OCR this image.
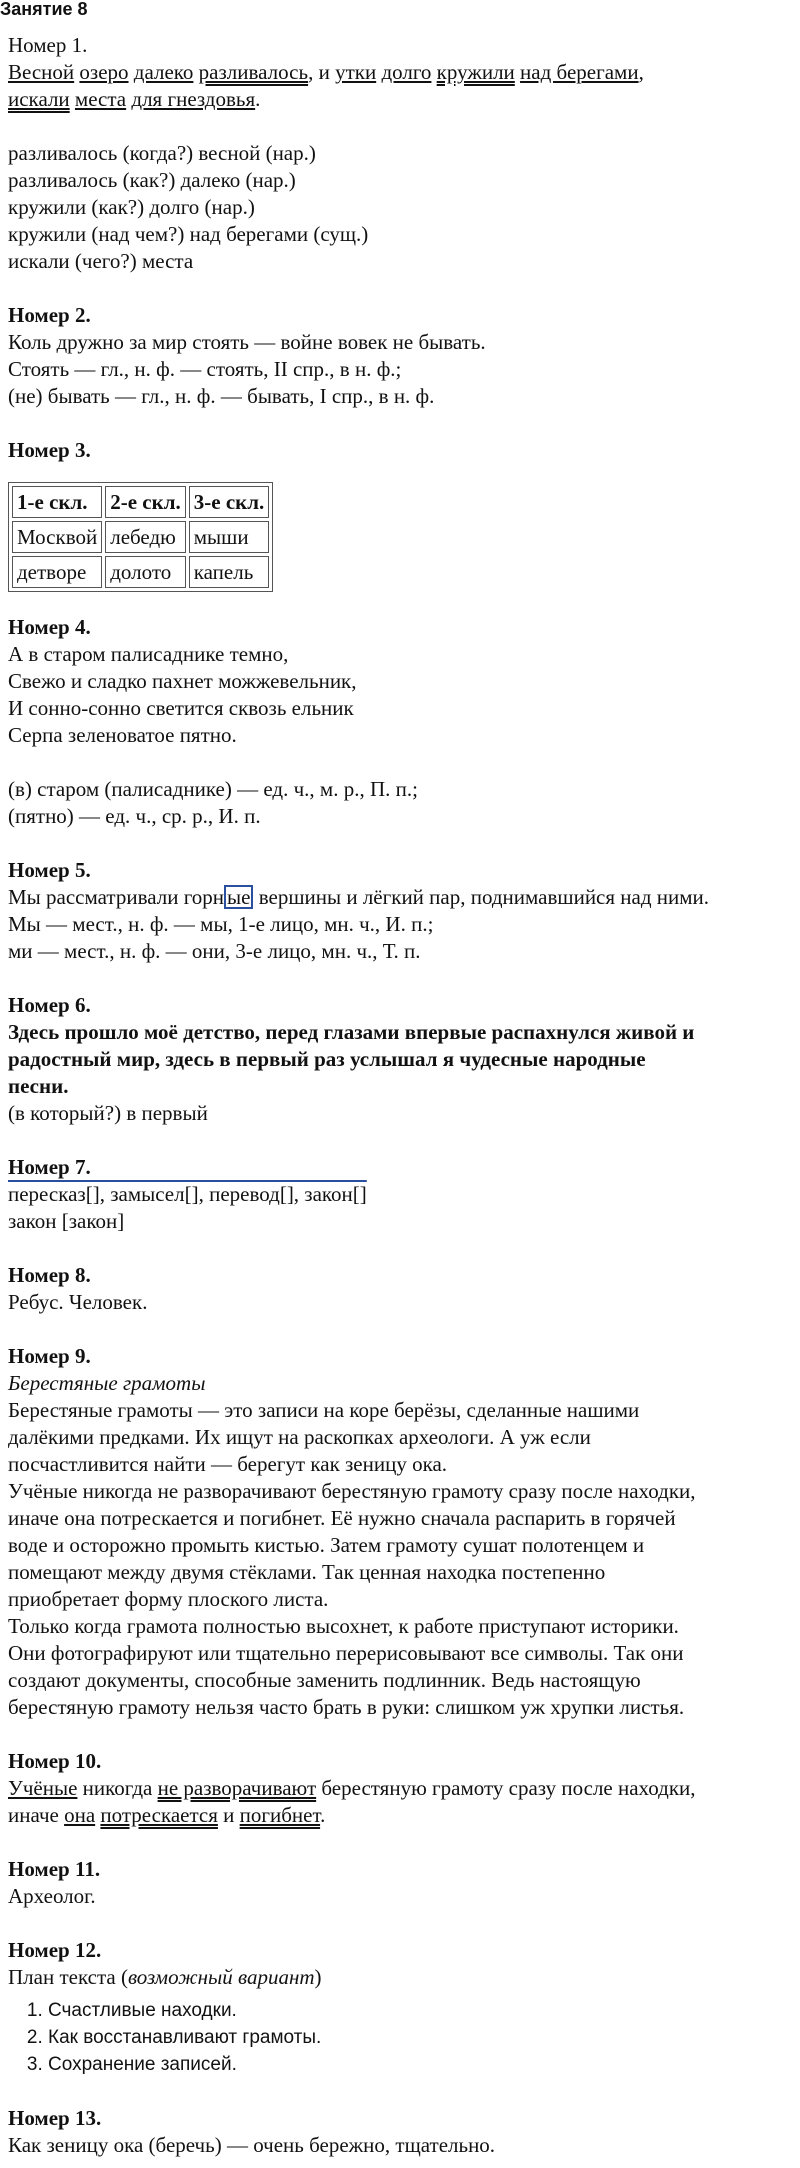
Занятие 8
Номер 1.
Весной озеро далеко разливалось, и утки долго кружили над берегами,
искали места для гнездовья.
разливалось (когда?) весной (нар.)
разливалось (как?) далеко (нар.)
кружили (как?) долго (нар.)
кружили (над чем?) над берегами (сущ.)
искали (чего?) места
Номер 2.
Коль дружно за мир стоять — войне вовек не бывать.
Стоять — гл., н. ф. — стоять, II спр., в н. ф.;
(не) бывать — гл., н. ф. — бывать, I спр., в н. ф.
Номер 3.
1-е скл.	2-е скл.	3-е скл.
Москвой	лебедю	мыши
детворе	долото	капель
Номер 4.
А в старом палисаднике темно,
Свежо и сладко пахнет можжевельник,
И сонно-сонно светится сквозь ельник
Серпа зеленоватое пятно.
(в) старом (палисаднике) — ед. ч., м. р., П. п.;
(пятно) — ед. ч., ср. р., И. п.
Номер 5.
Мы рассматривали горн ые вершины и лёгкий пар, поднимавшийся над ними.
Мы — мест., н. ф. — мы, 1-е лицо, мн. ч., И. п.;
ми — мест., н. ф. — они, 3-е лицо, мн. ч., Т. п.
Номер 6.
Здесь прошло моё детство, перед глазами впервые распахнулся живой и
радостный мир, здесь в первый раз услышал я чудесные народные
песни.
(в который?) в первый
Номер 7.
пересказ[], замысел[], перевод[], закон[]
закон [закон]
Номер 8.
Ребус. Человек.
Номер 9.
Берестяные грамоты
Берестяные грамоты — это записи на коре берёзы, сделанные нашими
далёкими предками. Их ищут на раскопках археологи. А уж если
посчастливится найти — берегут как зеницу ока.
Учёные никогда не разворачивают берестяную грамоту сразу после находки,
иначе она потрескается и погибнет. Её нужно сначала распарить в горячей
воде и осторожно промыть кистью. Затем грамоту сушат полотенцем и
помещают между двумя стёклами. Так ценная находка постепенно
приобретает форму плоского листа.
Только когда грамота полностью высохнет, к работе приступают историки.
Они фотографируют или тщательно перерисовывают все символы. Так они
создают документы, способные заменить подлинник. Ведь настоящую
берестяную грамоту нельзя часто брать в руки: слишком уж хрупки листья.
Номер 10.
Учёные никогда не разворачивают берестяную грамоту сразу после находки,
иначе она потрескается и погибнет.
Номер 11.
Археолог.
Номер 12.
План текста (возможный вариант)
1. Счастливые находки.
2. Как восстанавливают грамоты.
3. Сохранение записей.
Номер 13.
Как зеницу ока (беречь) — очень бережно, тщательно.
